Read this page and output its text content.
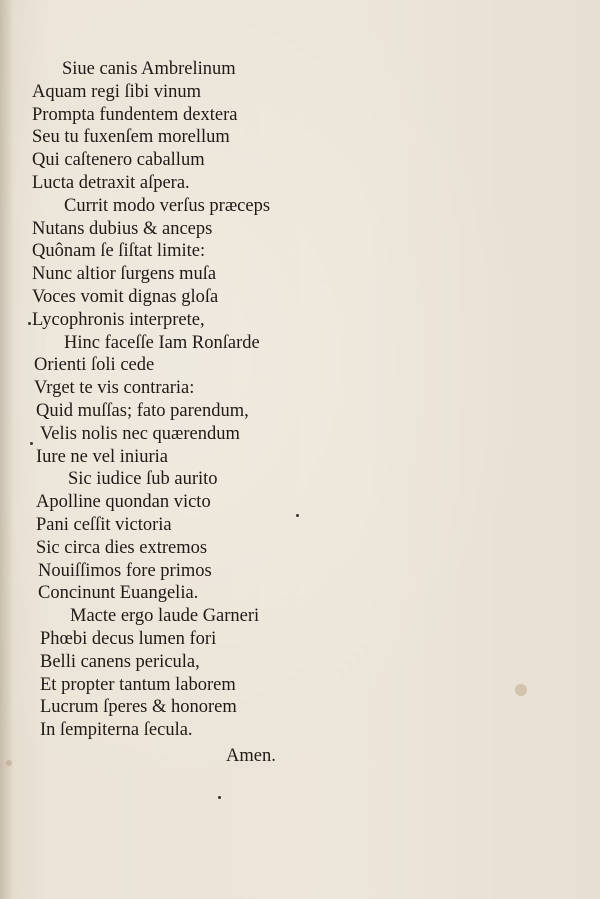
Siue canis Ambrelinum
Aquam regi ſibi vinum
Prompta fundentem dextera
Seu tu fuxenſem morellum
Qui caſtenero caballum
Lucta detraxit aſpera.
Currit modo verſus præceps
Nutans dubius & anceps
Quônam ſe ſiſtat limite:
Nunc altior ſurgens muſa
Voces vomit dignas gloſa
Lycophronis interprete,
Hinc faceſſe Iam Ronſarde
Orienti ſoli cede
Vrget te vis contraria:
Quid muſſas; fato parendum,
Velis nolis nec quærendum
Iure ne vel iniuria
Sic iudice ſub aurito
Apolline quondan victo
Pani ceſſit victoria
Sic circa dies extremos
Nouiſſimos fore primos
Concinunt Euangelia.
Macte ergo laude Garneri
Phœbi decus lumen fori
Belli canens pericula,
Et propter tantum laborem
Lucrum ſperes & honorem
In ſempiterna ſecula.
Amen.
